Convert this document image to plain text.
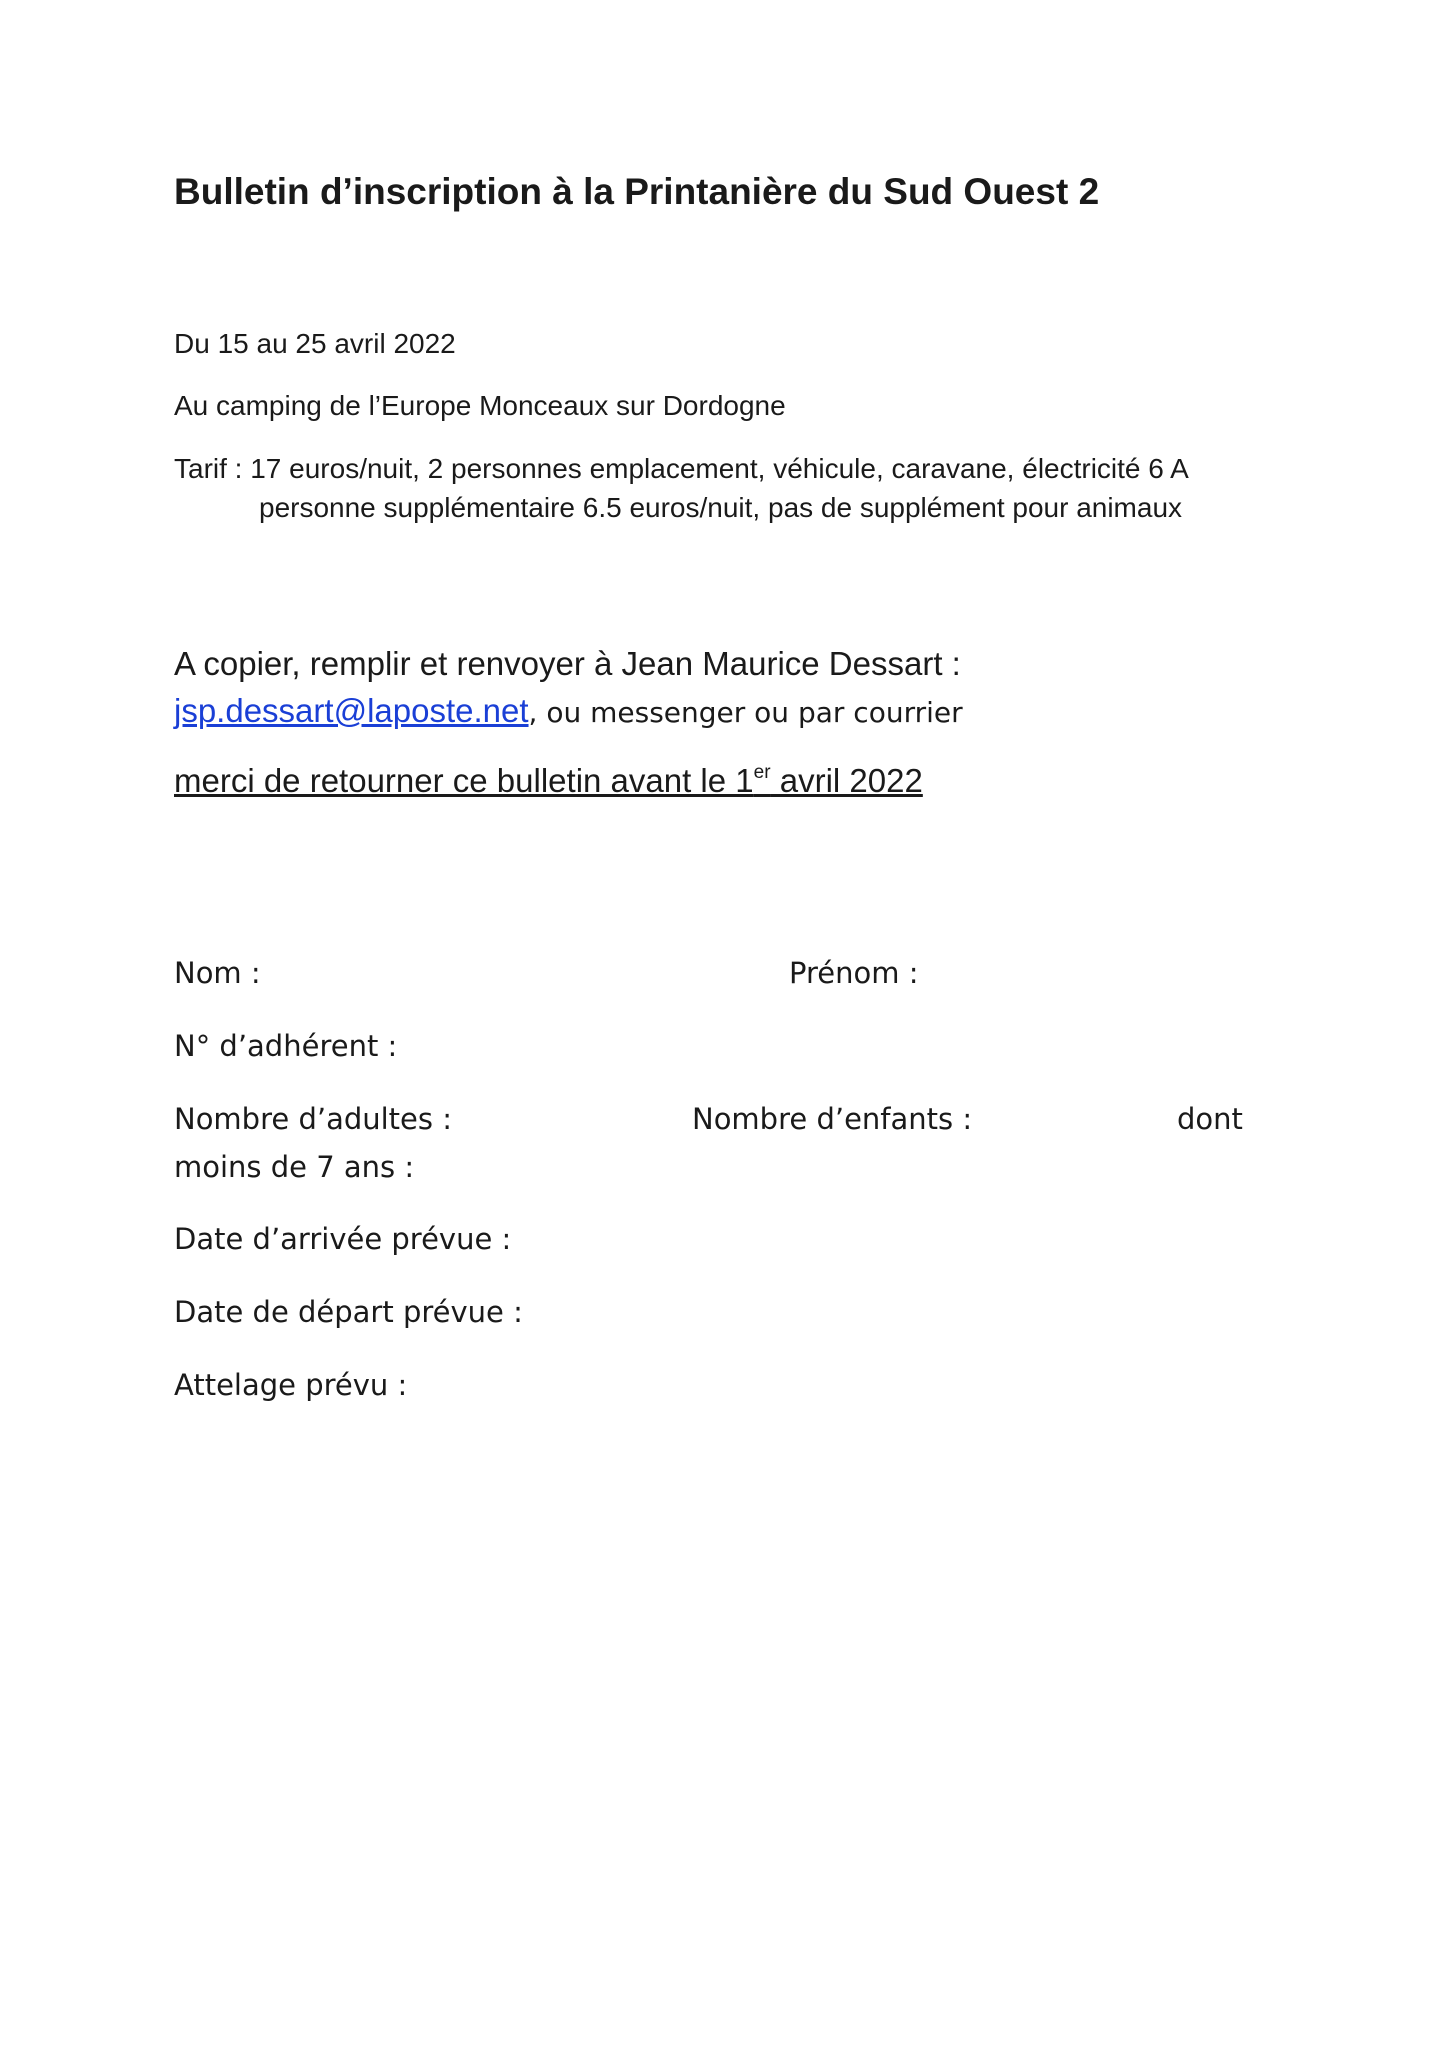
Bulletin d’inscription à la Printanière du Sud Ouest 2
Du 15 au 25 avril 2022
Au camping de l’Europe Monceaux sur Dordogne
Tarif : 17 euros/nuit, 2 personnes emplacement, véhicule, caravane, électricité 6 A
personne supplémentaire 6.5 euros/nuit, pas de supplément pour animaux
A copier, remplir et renvoyer à Jean Maurice Dessart :
jsp.dessart@laposte.net, ou messenger ou par courrier
merci de retourner ce bulletin avant le 1er avril 2022
Nom :	Prénom :
N° d’adhérent :
Nombre d’adultes :	Nombre d’enfants :	dont
moins de 7 ans :
Date d’arrivée prévue :
Date de départ prévue :
Attelage prévu :
